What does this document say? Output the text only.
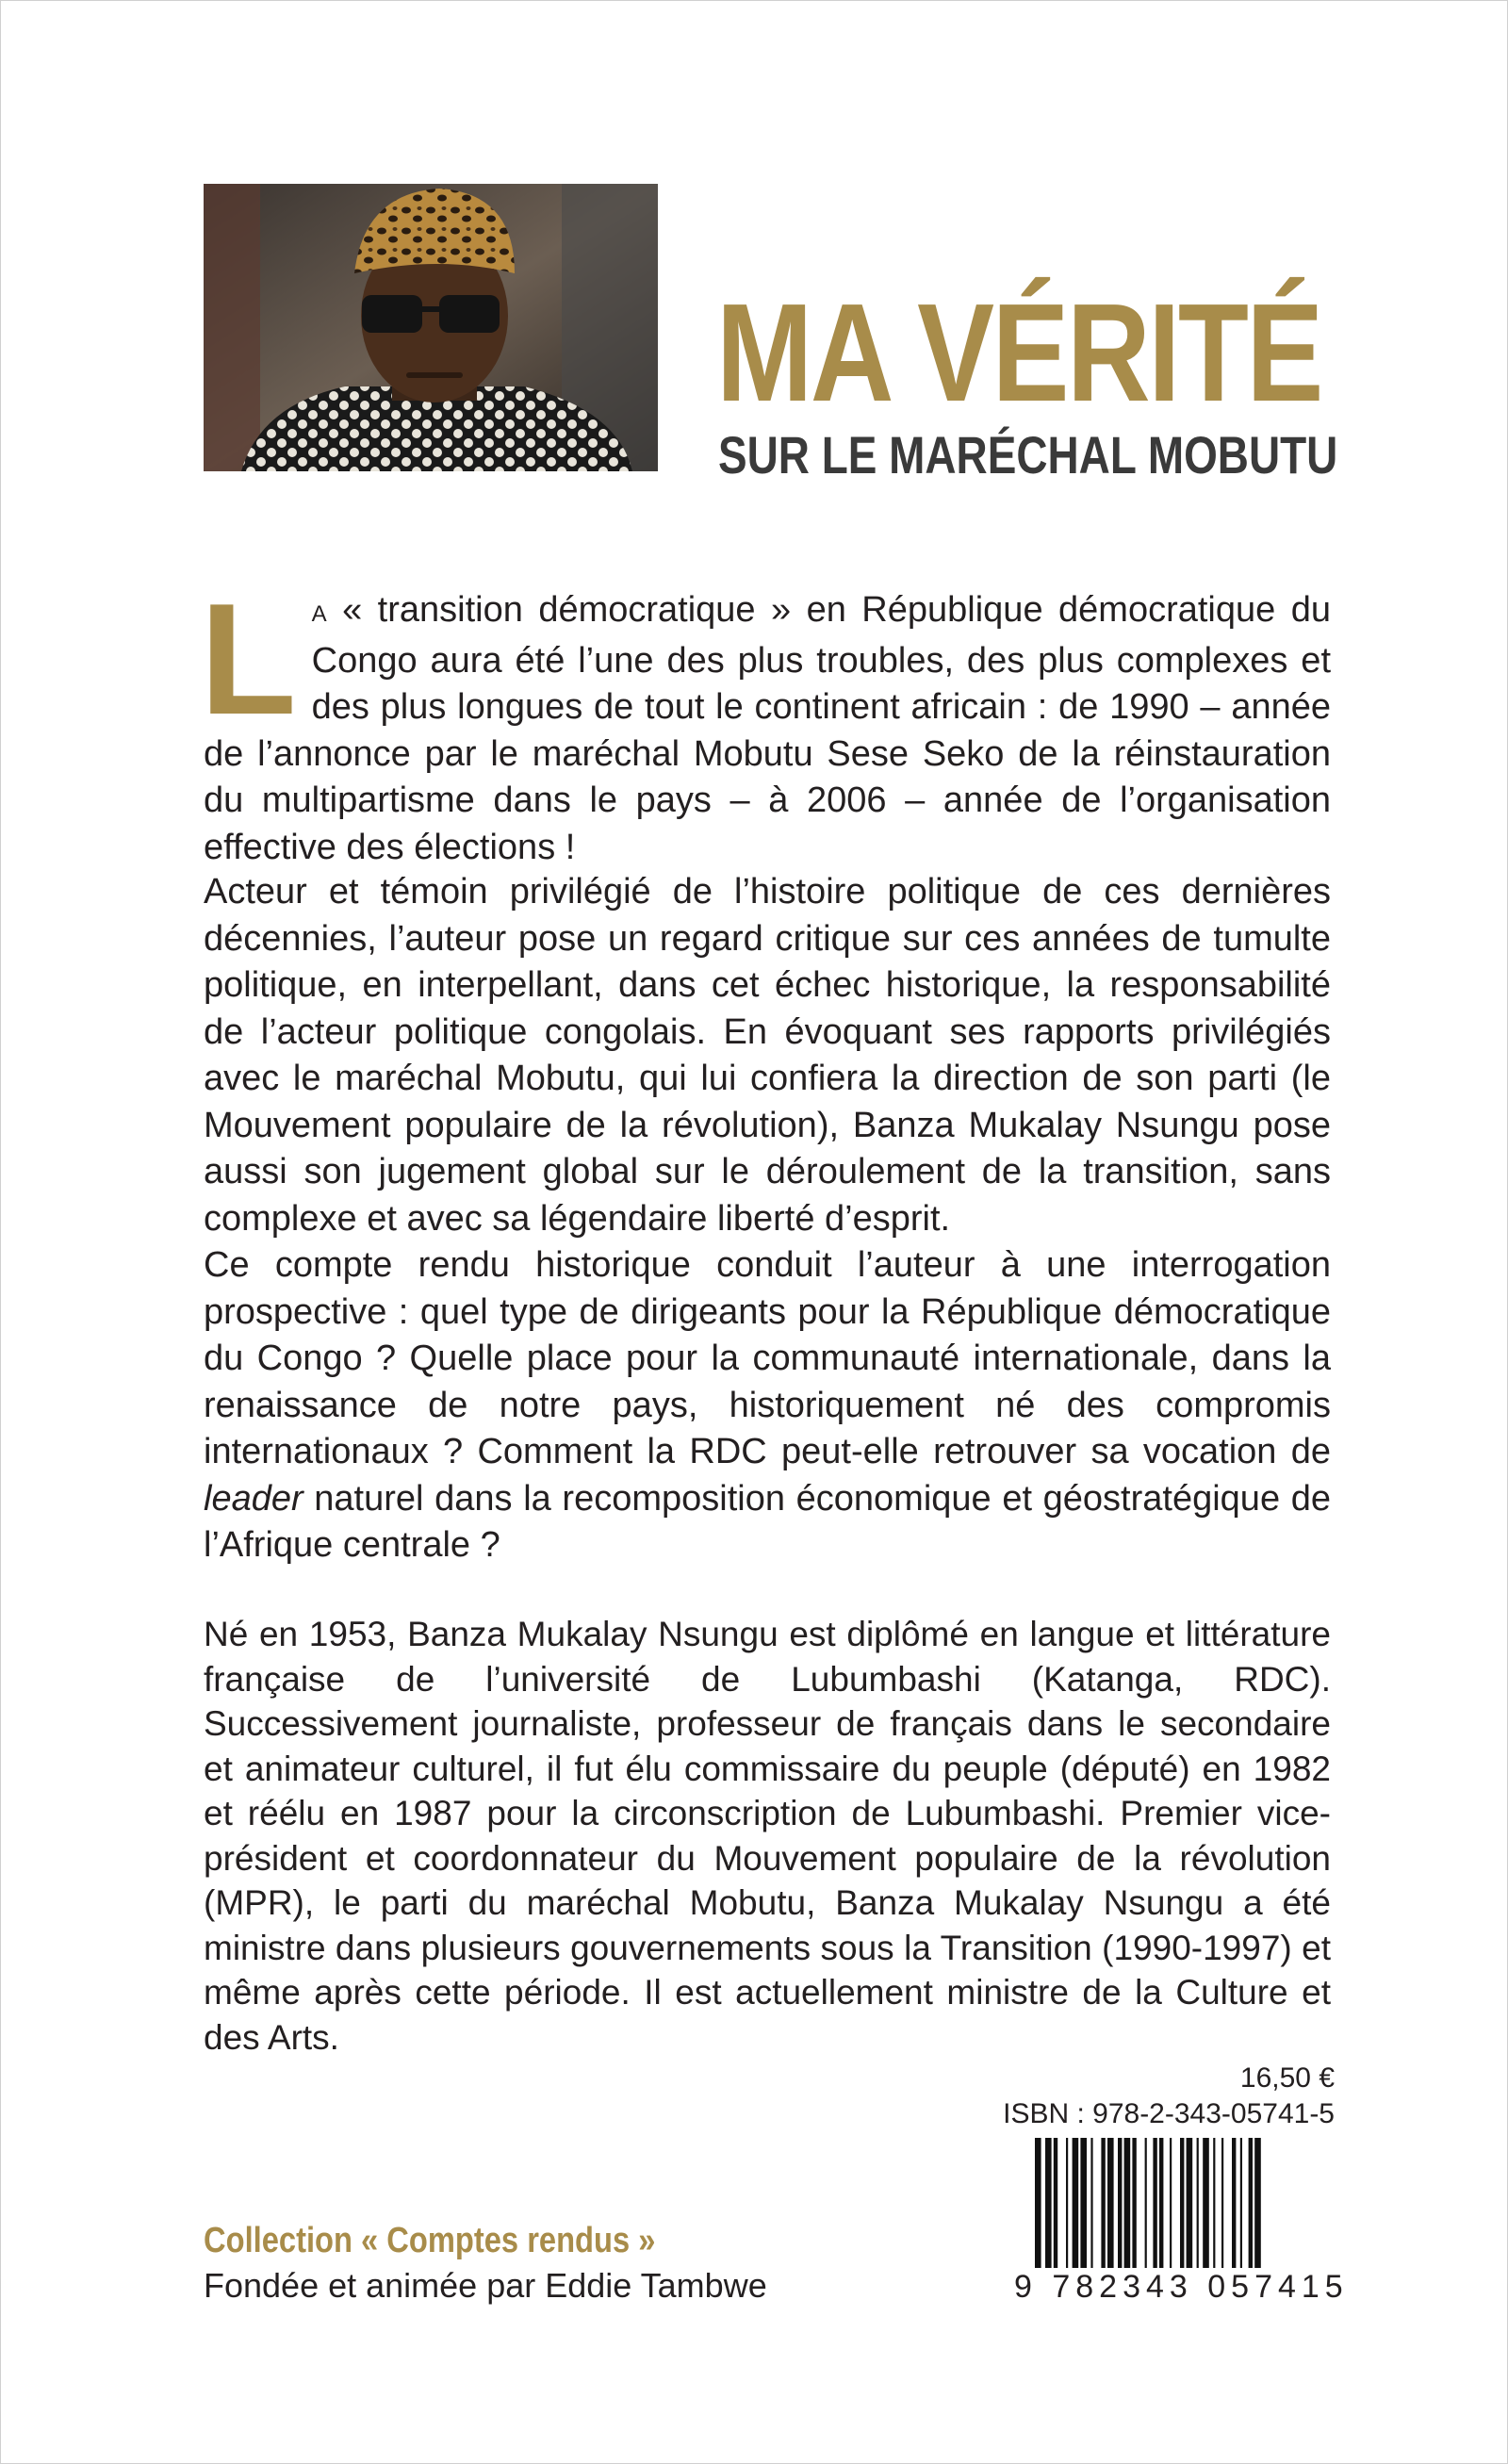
MA VÉRITÉ
SUR LE MARÉCHAL MOBUTU
L A « transition démocratique » en République démocratique du Congo aura été l’une des plus troubles, des plus complexes et des plus longues de tout le continent africain : de 1990 – année de l’annonce par le maréchal Mobutu Sese Seko de la réinstauration du multipartisme dans le pays – à 2006 – année de l’organisation effective des élections !
Acteur et témoin privilégié de l’histoire politique de ces dernières décennies, l’auteur pose un regard critique sur ces années de tumulte politique, en interpellant, dans cet échec historique, la responsabilité de l’acteur politique congolais. En évoquant ses rapports privilégiés avec le maréchal Mobutu, qui lui confiera la direction de son parti (le Mouvement populaire de la révolution), Banza Mukalay Nsungu pose aussi son jugement global sur le déroulement de la transition, sans complexe et avec sa légendaire liberté d’esprit.
Ce compte rendu historique conduit l’auteur à une interrogation prospective : quel type de dirigeants pour la République démocratique du Congo ? Quelle place pour la communauté internationale, dans la renaissance de notre pays, historiquement né des compromis internationaux ? Comment la RDC peut-elle retrouver sa vocation de leader naturel dans la recomposition économique et géostratégique de l’Afrique centrale ?
Né en 1953, Banza Mukalay Nsungu est diplômé en langue et littérature française de l’université de Lubumbashi (Katanga, RDC). Successivement journaliste, professeur de français dans le secondaire et animateur culturel, il fut élu commissaire du peuple (député) en 1982 et réélu en 1987 pour la circonscription de Lubumbashi. Premier vice-président et coordonnateur du Mouvement populaire de la révolution (MPR), le parti du maréchal Mobutu, Banza Mukalay Nsungu a été ministre dans plusieurs gouvernements sous la Transition (1990-1997) et même après cette période. Il est actuellement ministre de la Culture et des Arts.
16,50 €
ISBN : 978-2-343-05741-5
9 782343 057415
Collection « Comptes rendus »
Fondée et animée par Eddie Tambwe
